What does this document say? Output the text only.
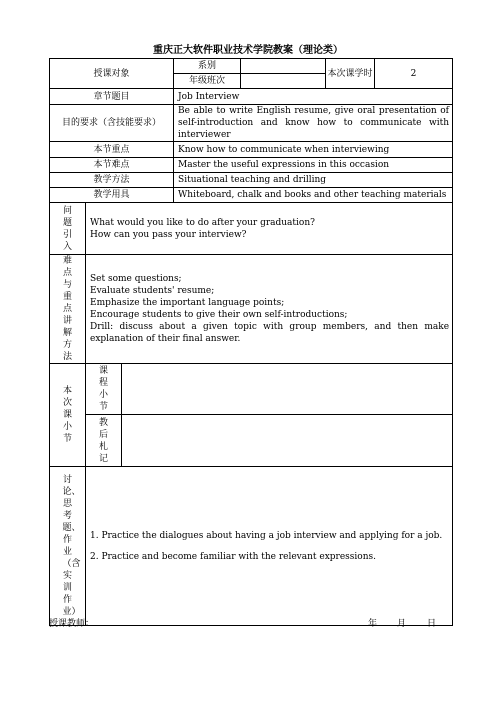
重庆正大软件职业技术学院教案（理论类）
授课对象			系别		本次课学时	2
			年级班次			
章节题目			Job Interview			
目的要求（含技能要求）			Be able to write English resume, give oral presentation of self-introduction and know how to communicate with interviewer			
本节重点			Know how to communicate when interviewing			
本节难点			Master the useful expressions in this occasion			
教学方法			Situational teaching and drilling			
教学用具			Whiteboard, chalk and books and other teaching materials			

问题引入	What would you like to do after your graduation?
How can you pass your interview?					

难点与重点讲解方法	Set some questions;
Evaluate students' resume;
Emphasize the important language points;
Encourage students to give their own self-introductions;
Drill: discuss about a given topic with group members, and then make explanation of their final answer.					

本次课小节	课程小节					

	教后札记					

讨论、思考题、作业（含实训作业）	1. Practice the dialogues about having a job interview and applying for a job.
2. Practice and become familiar with the relevant expressions.					
授课教师：	年 月 日
